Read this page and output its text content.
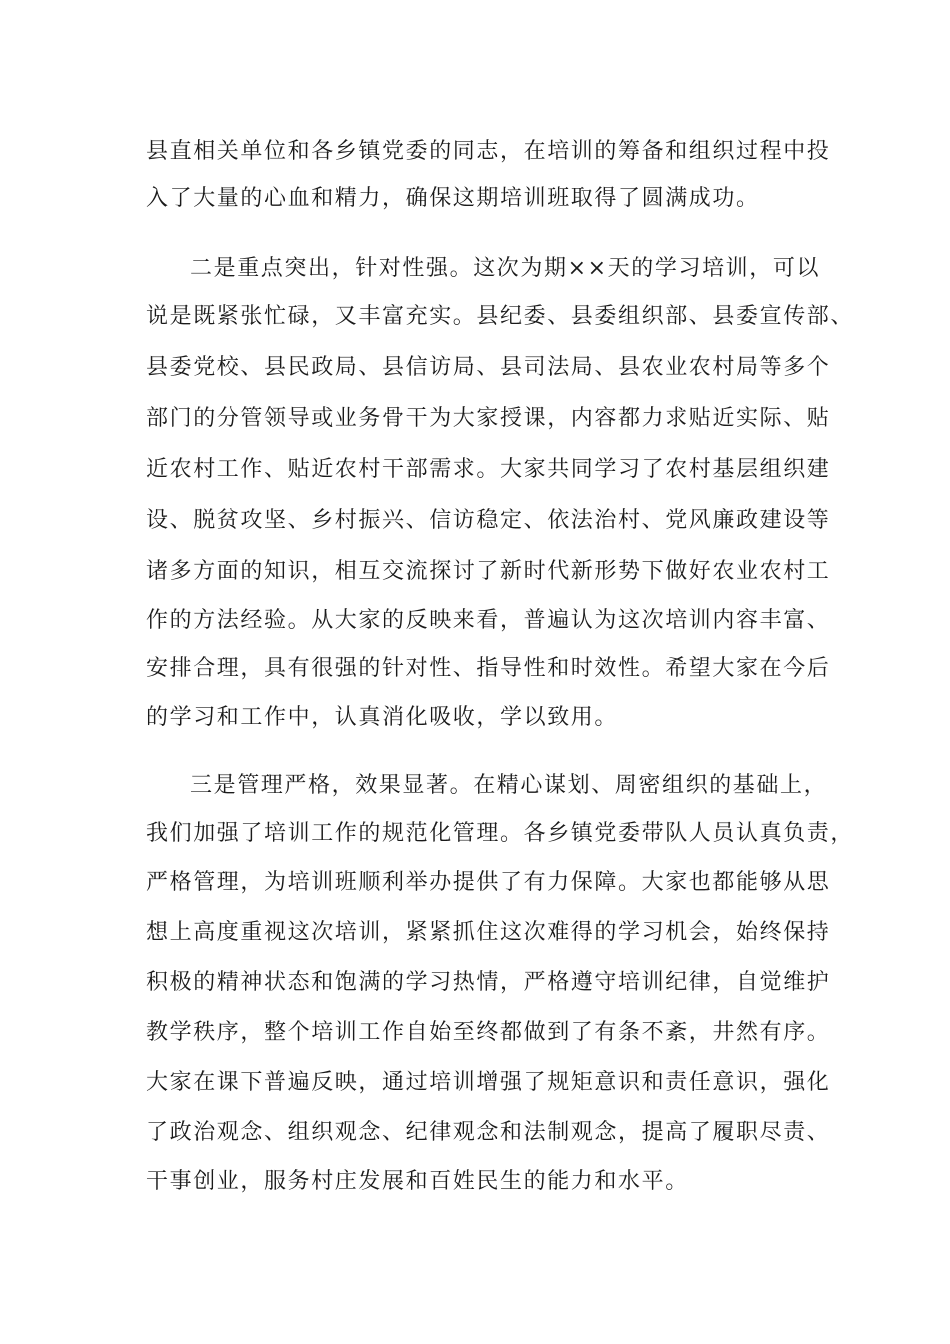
县直相关单位和各乡镇党委的同志，在培训的筹备和组织过程中投
入了大量的心血和精力，确保这期培训班取得了圆满成功。
二是重点突出，针对性强。这次为期××天的学习培训，可以
说是既紧张忙碌，又丰富充实。县纪委、县委组织部、县委宣传部、
县委党校、县民政局、县信访局、县司法局、县农业农村局等多个
部门的分管领导或业务骨干为大家授课，内容都力求贴近实际、贴
近农村工作、贴近农村干部需求。大家共同学习了农村基层组织建
设、脱贫攻坚、乡村振兴、信访稳定、依法治村、党风廉政建设等
诸多方面的知识，相互交流探讨了新时代新形势下做好农业农村工
作的方法经验。从大家的反映来看，普遍认为这次培训内容丰富、
安排合理，具有很强的针对性、指导性和时效性。希望大家在今后
的学习和工作中，认真消化吸收，学以致用。
三是管理严格，效果显著。在精心谋划、周密组织的基础上，
我们加强了培训工作的规范化管理。各乡镇党委带队人员认真负责，
严格管理，为培训班顺利举办提供了有力保障。大家也都能够从思
想上高度重视这次培训，紧紧抓住这次难得的学习机会，始终保持
积极的精神状态和饱满的学习热情，严格遵守培训纪律，自觉维护
教学秩序，整个培训工作自始至终都做到了有条不紊，井然有序。
大家在课下普遍反映，通过培训增强了规矩意识和责任意识，强化
了政治观念、组织观念、纪律观念和法制观念，提高了履职尽责、
干事创业，服务村庄发展和百姓民生的能力和水平。
